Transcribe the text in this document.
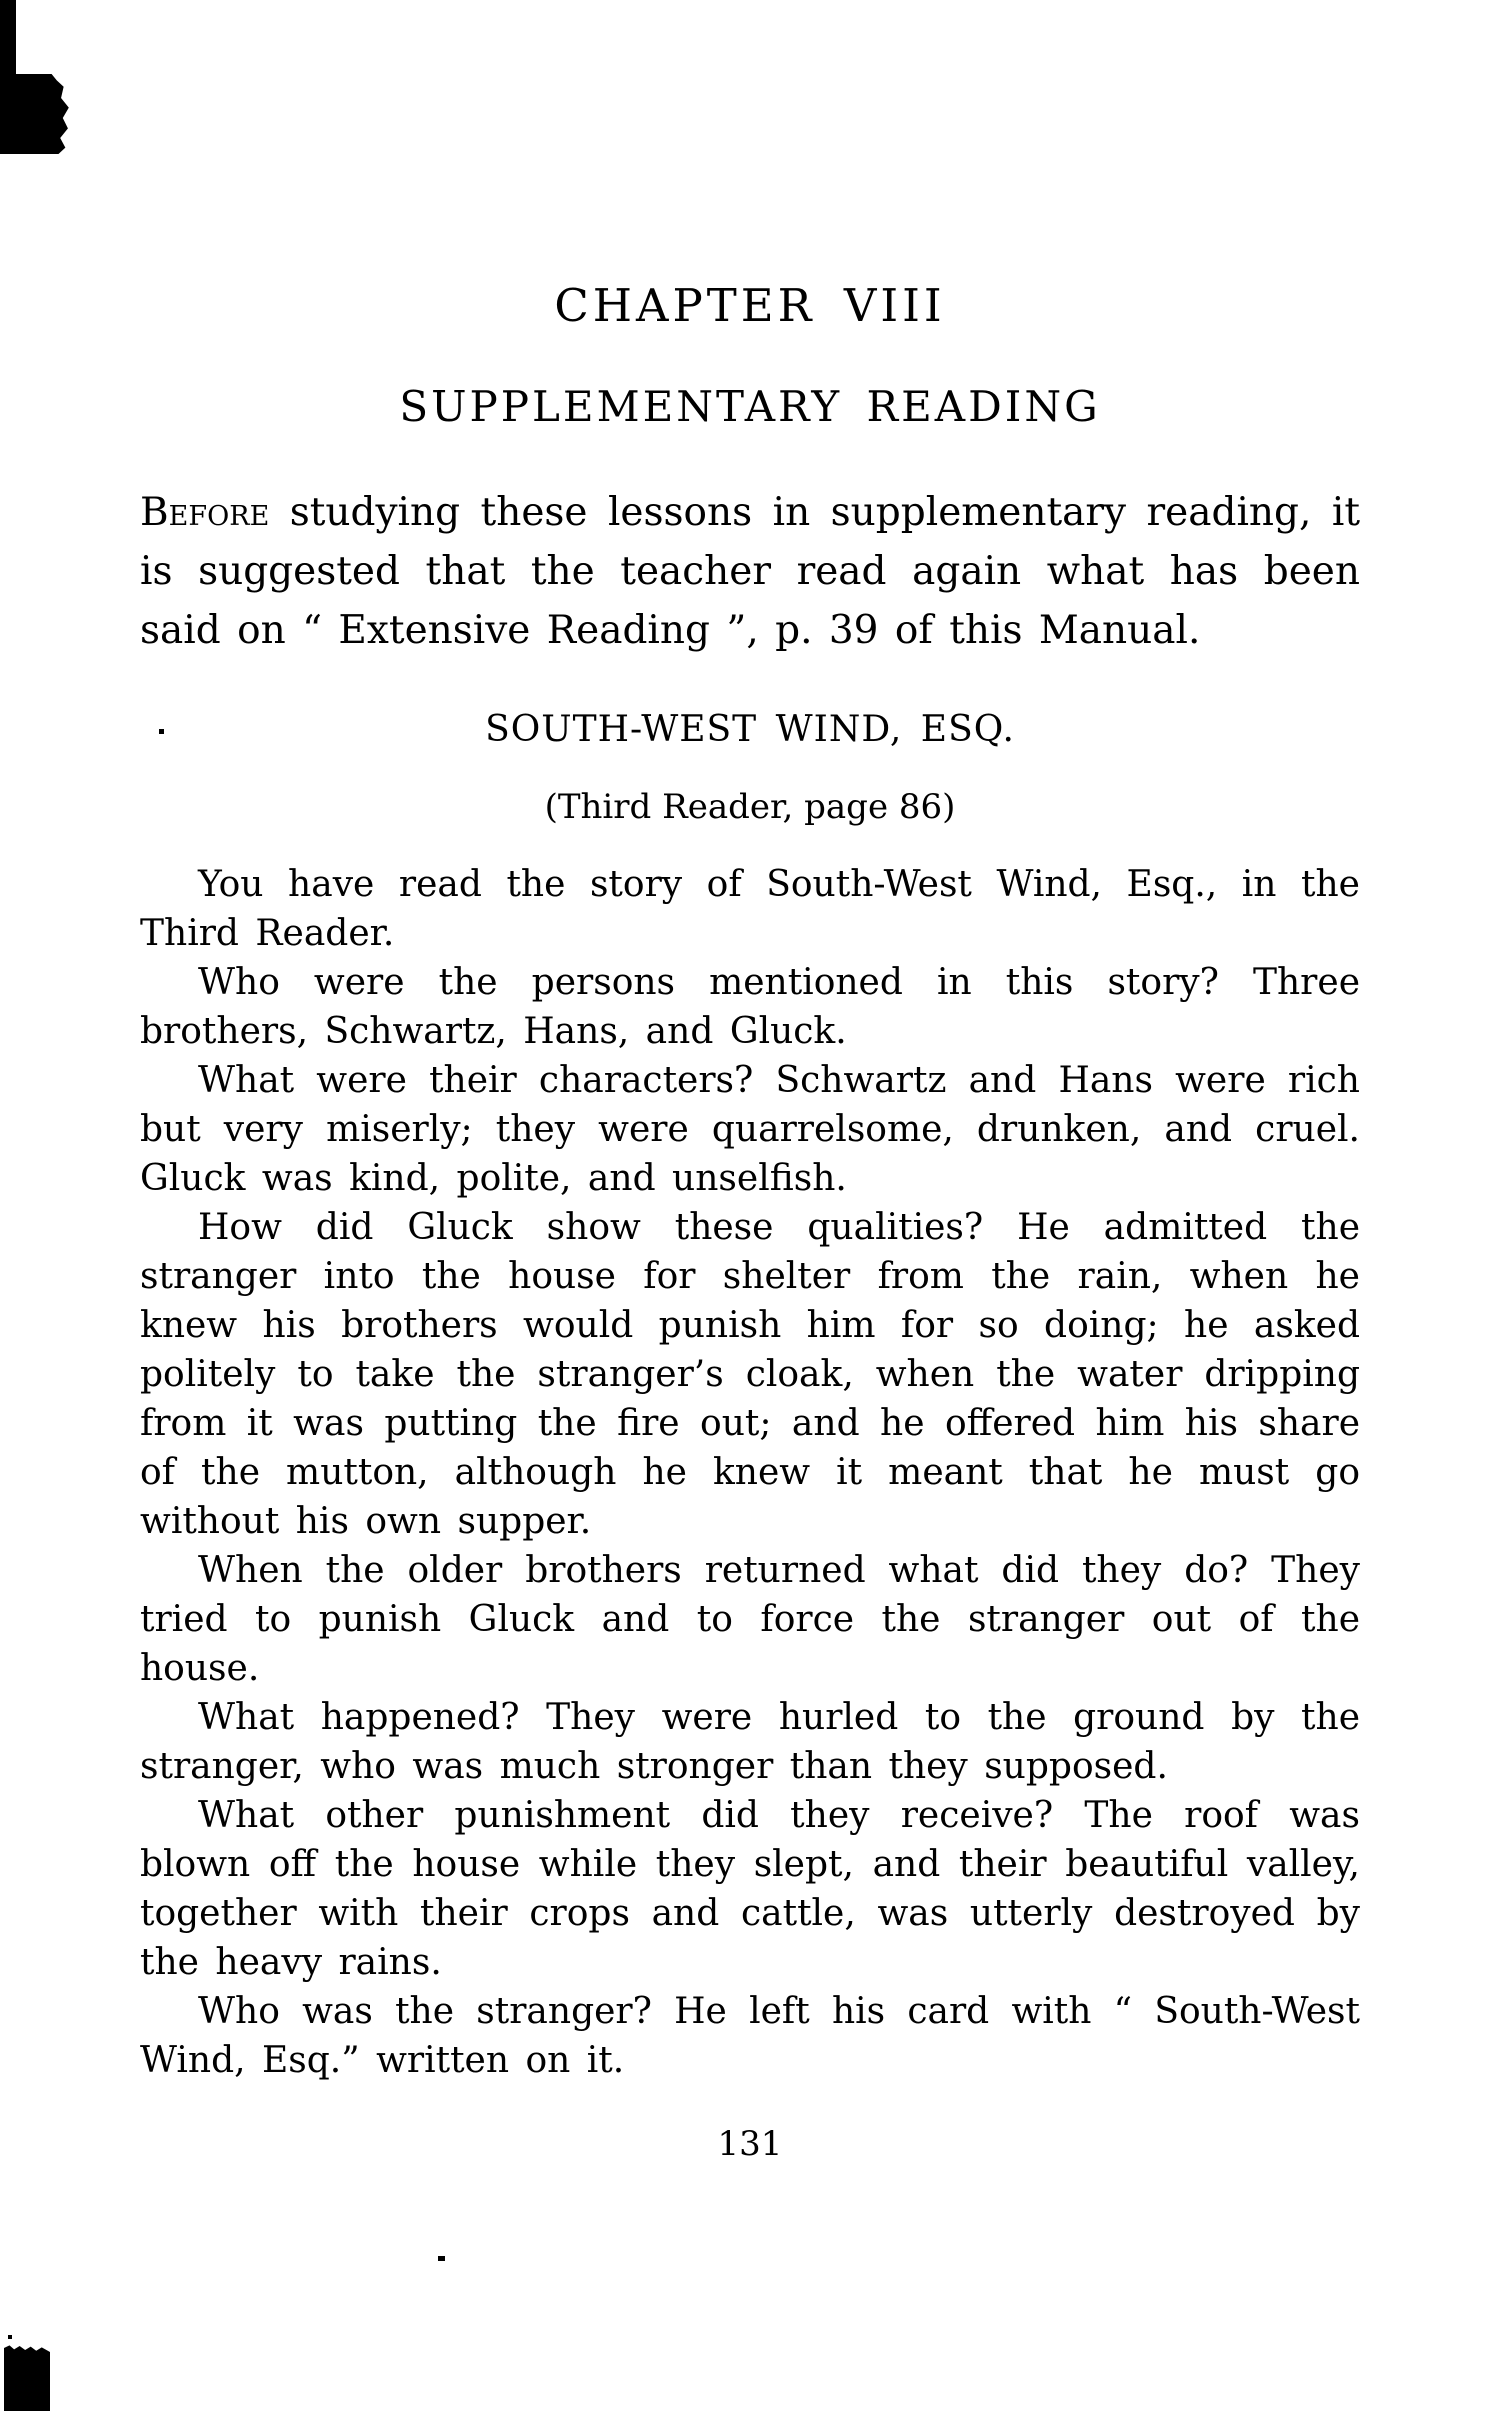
CHAPTER VIII
SUPPLEMENTARY READING

Before studying these lessons in supplementary reading, it is suggested that the teacher read again what has been said on “ Extensive Reading ”, p. 39 of this Manual.

SOUTH-WEST WIND, ESQ.
(Third Reader, page 86)

You have read the story of South-West Wind, Esq., in the Third Reader.

Who were the persons mentioned in this story? Three brothers, Schwartz, Hans, and Gluck.

What were their characters? Schwartz and Hans were rich but very miserly; they were quarrelsome, drunken, and cruel. Gluck was kind, polite, and unselfish.

How did Gluck show these qualities? He admitted the stranger into the house for shelter from the rain, when he knew his brothers would punish him for so doing; he asked politely to take the stranger’s cloak, when the water dripping from it was putting the fire out; and he offered him his share of the mutton, although he knew it meant that he must go without his own supper.

When the older brothers returned what did they do? They tried to punish Gluck and to force the stranger out of the house.

What happened? They were hurled to the ground by the stranger, who was much stronger than they supposed.

What other punishment did they receive? The roof was blown off the house while they slept, and their beautiful valley, together with their crops and cattle, was utterly destroyed by the heavy rains.

Who was the stranger? He left his card with “ South-West Wind, Esq.” written on it.

131
